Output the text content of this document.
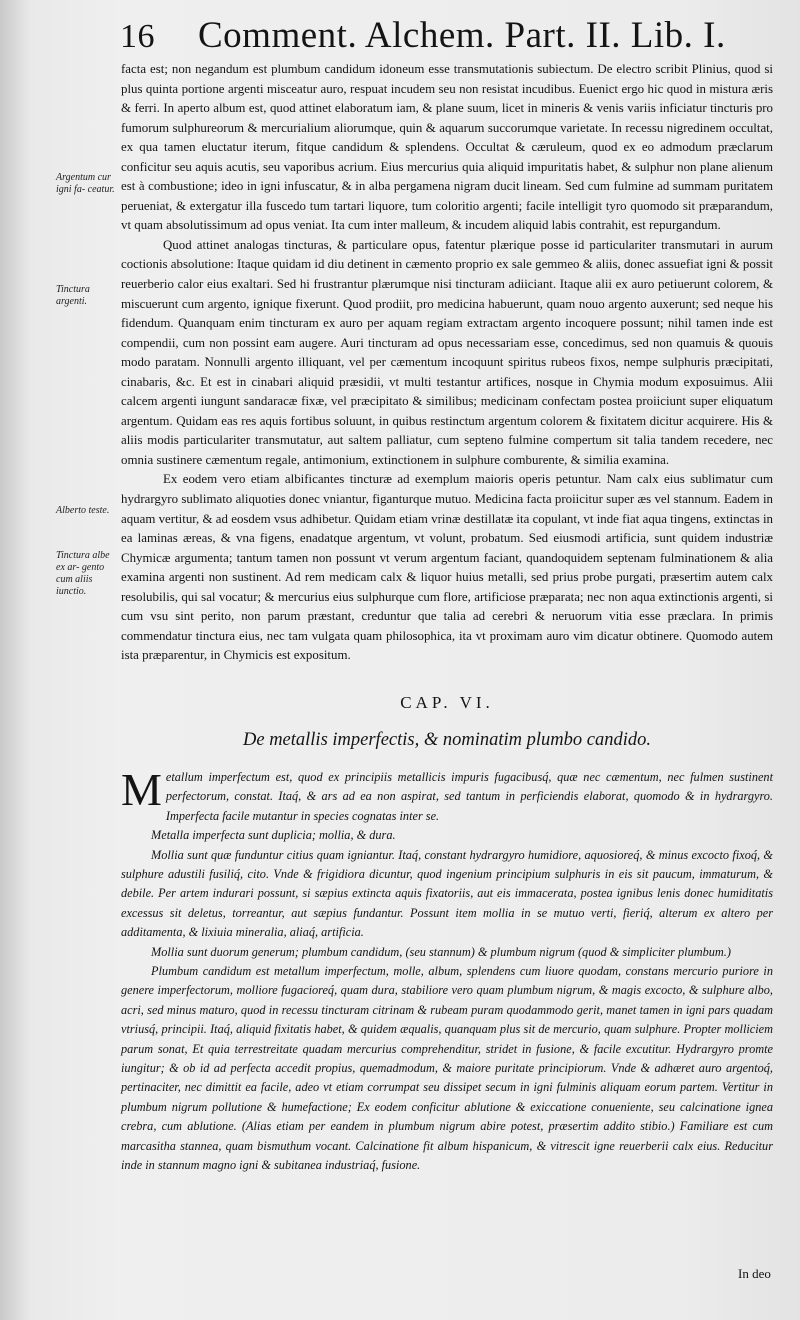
16 Comment. Alchem. Part. II. Lib. I.
Argentum cur igni fa- ceatur.
Tinctura argenti.
Alberto teste.
Tinctura albe ex ar- gento cum aliis iunctio.

facta est; non negandum est plumbum candidum idoneum esse transmutationis subiectum. De electro scribit Plinius, quod si plus quinta portione argenti misceatur auro, respuat incudem seu non resistat incudibus. Euenict ergo hic quod in mistura æris & ferri. In aperto album est, quod attinet elaboratum iam, & plane suum, licet in mineris & venis variis inficiatur tincturis pro fumorum sulphureorum & mercurialium aliorumque, quin & aquarum succorumque varietate. In recessu nigredinem occultat, ex qua tamen eluctatur iterum, fitque candidum & splendens. Occultat & cæruleum, quod ex eo admodum præclarum conficitur seu aquis acutis, seu vaporibus acrium. Eius mercurius quia aliquid impuritatis habet, & sulphur non plane alienum est à combustione; ideo in igni infuscatur, & in alba pergamena nigram ducit lineam. Sed cum fulmine ad summam puritatem perueniat, & extergatur illa fuscedo tum tartari liquore, tum coloritio argenti; facile intelligit tyro quomodo sit præparandum, vt quam absolutissimum ad opus veniat. Ita cum inter malleum, & incudem aliquid labis contrahit, est repurgandum.

Quod attinet analogas tincturas, & particulare opus, fatentur plærique posse id particulariter transmutari in aurum coctionis absolutione: Itaque quidam id diu detinent in cæmento proprio ex sale gemmeo & aliis, donec assuefiat igni & possit reuerberio calor eius exaltari. Sed hi frustrantur plærumque nisi tincturam adiiciant. Itaque alii ex auro petiuerunt colorem, & miscuerunt cum argento, ignique fixerunt. Quod prodiit, pro medicina habuerunt, quam nouo argento auxerunt; sed neque his fidendum. Quanquam enim tincturam ex auro per aquam regiam extractam argento incoquere possunt; nihil tamen inde est compendii, cum non possint eam augere. Auri tincturam ad opus necessariam esse, concedimus, sed non quamuis & quouis modo paratam. Nonnulli argento illiquant, vel per cæmentum incoquunt spiritus rubeos fixos, nempe sulphuris præcipitati, cinabaris, &c. Et est in cinabari aliquid præsidii, vt multi testantur artifices, nosque in Chymia modum exposuimus. Alii calcem argenti iungunt sandaracæ fixæ, vel præcipitato & similibus; medicinam confectam postea proiiciunt super eliquatum argentum. Quidam eas res aquis fortibus soluunt, in quibus restinctum argentum colorem & fixitatem dicitur acquirere. His & aliis modis particulariter transmutatur, aut saltem palliatur, cum septeno fulmine compertum sit talia tandem recedere, nec omnia sustinere cæmentum regale, antimonium, extinctionem in sulphure comburente, & similia examina.

Ex eodem vero etiam albificantes tincturæ ad exemplum maioris operis petuntur. Nam calx eius sublimatur cum hydrargyro sublimato aliquoties donec vniantur, figanturque mutuo. Medicina facta proiicitur super æs vel stannum. Eadem in aquam vertitur, & ad eosdem vsus adhibetur. Quidam etiam vrinæ destillatæ ita copulant, vt inde fiat aqua tingens, extinctas in ea laminas æreas, & vna figens, enadatque argentum, vt volunt, probatum. Sed eiusmodi artificia, sunt quidem industriæ Chymicæ argumenta; tantum tamen non possunt vt verum argentum faciant, quandoquidem septenam fulminationem & alia examina argenti non sustinent. Ad rem medicam calx & liquor huius metalli, sed prius probe purgati, præsertim autem calx resolubilis, qui sal vocatur; & mercurius eius sulphurque cum flore, artificiose præparata; nec non aqua extinctionis argenti, si cum vsu sint perito, non parum præstant, creduntur que talia ad cerebri & neruorum vitia esse præclara. In primis commendatur tinctura eius, nec tam vulgata quam philosophica, ita vt proximam auro vim dicatur obtinere. Quomodo autem ista præparentur, in Chymicis est expositum.

CAP. VI.
De metallis imperfectis, & nominatim plumbo candido.

Metallum imperfectum est, quod ex principiis metallicis impuris fugacibusq́, quæ nec cæmentum, nec fulmen sustinent perfectorum, constat. Itaq́, & ars ad ea non aspirat, sed tantum in perficiendis elaborat, quomodo & in hydrargyro. Imperfecta facile mutantur in species cognatas inter se.

Metalla imperfecta sunt duplicia; mollia, & dura.

Mollia sunt quæ funduntur citius quam igniantur. Itaq́, constant hydrargyro humidiore, aquosioreq́, & minus excocto fixoq́, & sulphure adustili fusiliq́, cito. Vnde & frigidiora dicuntur, quod ingenium principium sulphuris in eis sit paucum, immaturum, & debile. Per artem indurari possunt, si sæpius extincta aquis fixatoriis, aut eis immacerata, postea ignibus lenis donec humiditatis excessus sit deletus, torreantur, aut sæpius fundantur. Possunt item mollia in se mutuo verti, fieriq́, alterum ex altero per additamenta, & lixiuia mineralia, aliaq́, artificia.

Mollia sunt duorum generum; plumbum candidum, (seu stannum) & plumbum nigrum (quod & simpliciter plumbum.)

Plumbum candidum est metallum imperfectum, molle, album, splendens cum liuore quodam, constans mercurio puriore in genere imperfectorum, molliore fugacioreq́, quam dura, stabiliore vero quam plumbum nigrum, & magis excocto, & sulphure albo, acri, sed minus maturo, quod in recessu tincturam citrinam & rubeam puram quodammodo gerit, manet tamen in igni pars quadam vtriusq́, principii. Itaq́, aliquid fixitatis habet, & quidem æqualis, quanquam plus sit de mercurio, quam sulphure. Propter molliciem parum sonat, Et quia terrestreitate quadam mercurius comprehenditur, stridet in fusione, & facile excutitur. Hydrargyro promte iungitur; & ob id ad perfecta accedit propius, quemadmodum, & maiore puritate principiorum. Vnde & adhæret auro argentoq́, pertinaciter, nec dimittit ea facile, adeo vt etiam corrumpat seu dissipet secum in igni fulminis aliquam eorum partem. Vertitur in plumbum nigrum pollutione & humefactione; Ex eodem conficitur ablutione & exiccatione conueniente, seu calcinatione ignea crebra, cum ablutione. (Alias etiam per eandem in plumbum nigrum abire potest, præsertim addito stibio.) Familiare est cum marcasitha stannea, quam bismuthum vocant. Calcinatione fit album hispanicum, & vitrescit igne reuerberii calx eius. Reducitur inde in stannum magno igni & subitanea industriaq́, fusione.

In deo
